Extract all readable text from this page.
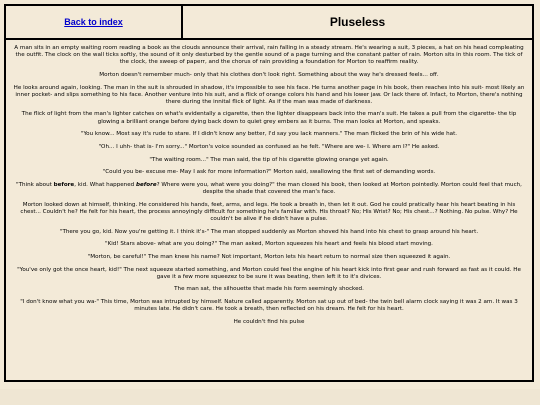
Back to index	Pluseless

A man sits in an empty waiting room reading a book as the clouds announce their arrival, rain falling in a steady stream. He's wearing a suit, 3 pieces, a hat on his head compleating the outfit. The clock on the wall ticks softly, the sound of it only desturbed by the gentle sound of a page turning and the constant patter of rain. Morton sits in this room. The tick of the clock, the sweep of paperr, and the chorus of rain providing a foundation for Morton to reaffirm reality.

Morton doesn't remember much- only that his clothes don't look right. Something about the way he's dressed feels... off.

He looks around again, looking. The man in the suit is shrouded in shadow, it's impossible to see his face. He turns another page in his book, then reaches into his suit- most likely an inner pocket- and slips something to his face. Another venture into his suit, and a flick of orange colors his hand and his lower jaw. Or lack there of. Infact, to Morton, there's nothing there during the innital flick of light. As if the man was made of darkness.

The flick of light from the man's lighter catches on what's evidentally a cigarette, then the lighter disappears back into the man's suit. He takes a pull from the cigarette- the tip glowing a brilliant orange before dying back down to quiet grey embers as it burns. The man looks at Morton, and speaks.

"You know... Most say it's rude to stare. If I didn't know any better, I'd say you lack manners." The man flicked the brin of his wide hat.

"Oh... I uhh- that is- I'm sorry..." Morton's voice sounded as confused as he felt. "Where are we- I. Where am I?" He asked.

"The waiting room..." The man said, the tip of his cigarette glowing orange yet again.

"Could you be- excuse me- May I ask for more information?" Morton said, swallowing the first set of demanding words.

"Think about before, kid. What happened before? Where were you, what were you doing?" the man closed his book, then looked at Morton pointedly. Morton could feel that much, despite the shade that covered the man's face.

Morton looked down at himself, thinking. He considered his hands, feet, arms, and legs. He took a breath in, then let it out. God he could pratically hear his heart beating in his chest... Couldn't he? He felt for his heart, the process annoyingly difficult for something he's familiar with. His throat? No; His Wrist? No; His chest...? Nothing. No pulse. Why? He couldn't be alive if he didn't have a pulse.

"There you go, kid. Now you're getting it. I think it's-" The man stopped suddenly as Morton shoved his hand into his chest to grasp around his heart.

"Kid! Stars above- what are you doing?" The man asked, Morton squeezes his heart and feels his blood start moving.

"Morton, be careful!" The man knew his name? Not important, Morton lets his heart return to normal size then squeezed it again.

"You've only got the once heart, kid!" The next squeeze started something, and Morton could feel the engine of his heart kick into first gear and rush forward as fast as it could. He gave it a few more squeezez to be sure it was beating, then left it to it's divices.

The man sat, the silhouette that made his form seemingly shocked.

"I don't know what you wa-" This time, Morton was intrupted by himself. Nature called apparently. Morton sat up out of bed- the twin bell alarm clock saying it was 2 am. It was 3 minutes late. He didn't care. He took a breath, then reflected on his dream. He felt for his heart.

He couldn't find his pulse
